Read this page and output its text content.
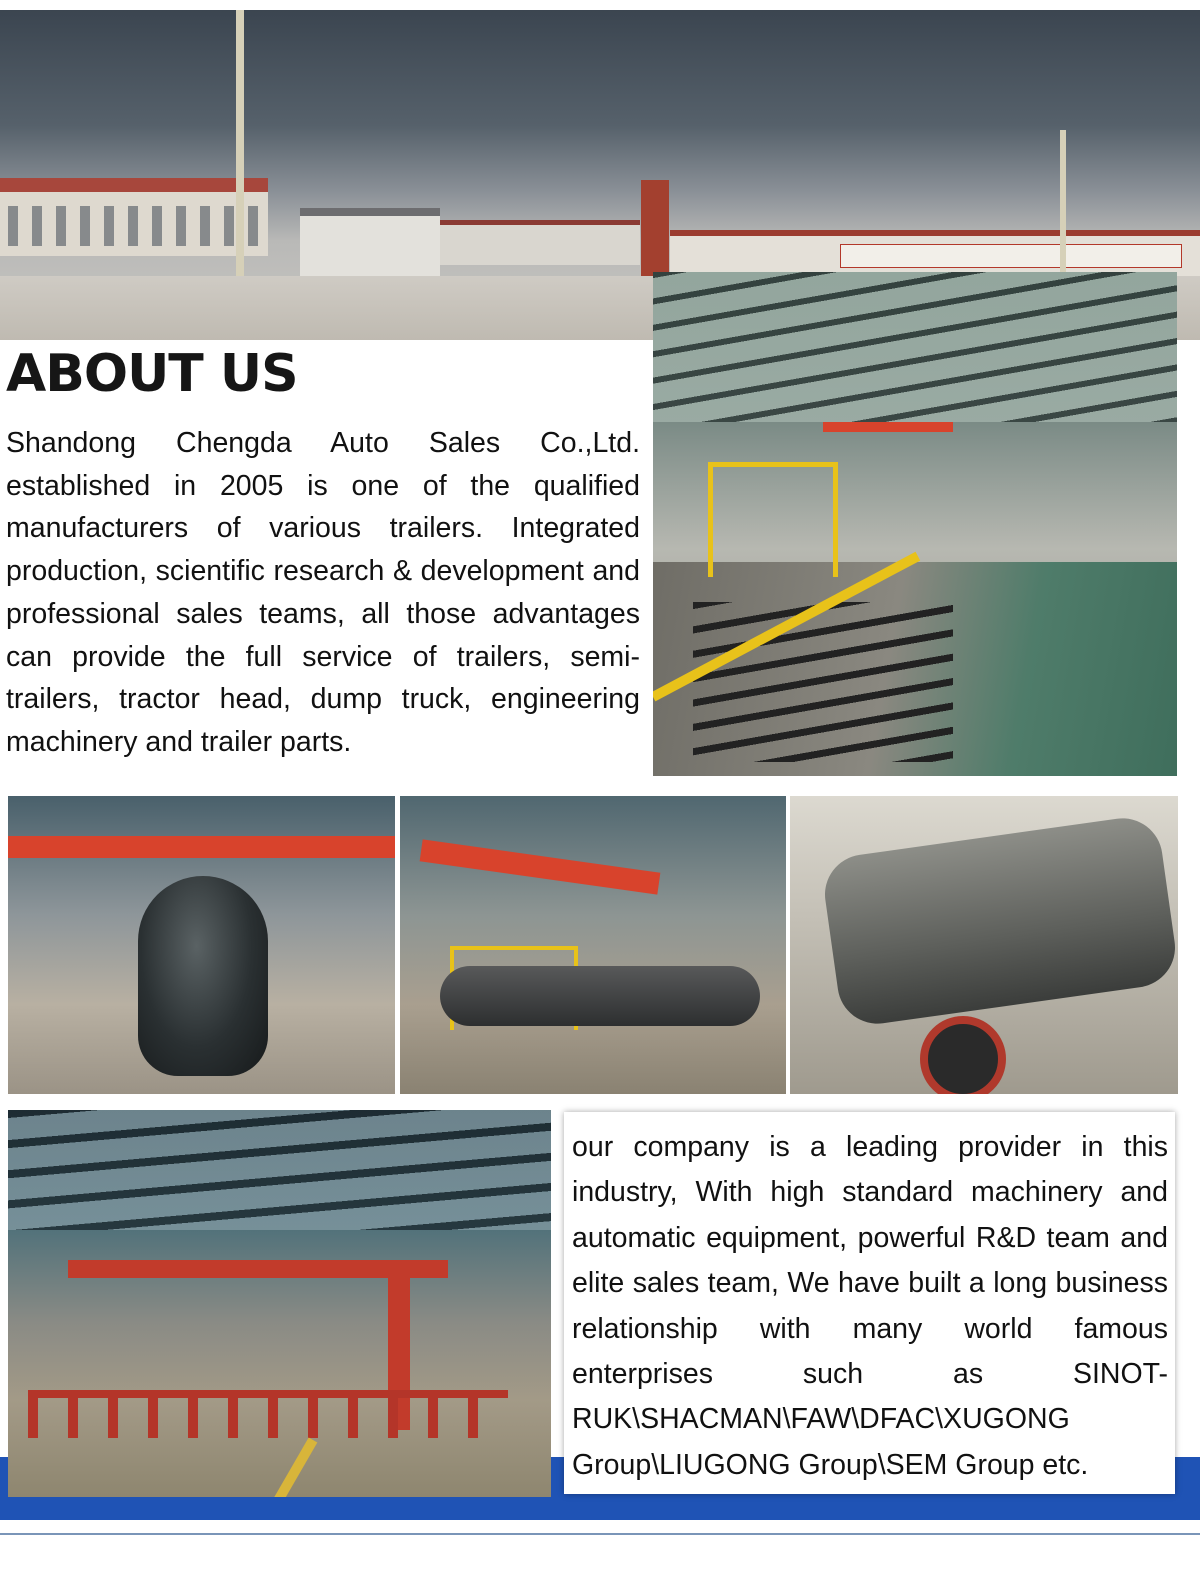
ABOUT US

Shandong Chengda Auto Sales Co.,Ltd. established in 2005 is one of the qualified manufacturers of various trailers. Integrated production, scientific research & development and professional sales teams, all those advantages can provide the full service of trailers, semi-trailers, tractor head, dump truck, engineering machinery and trailer parts.

our company is a leading provider in this industry, With high standard machinery and automatic equipment, powerful R&D team and elite sales team, We have built a long business relationship with many world famous enterprises such as SINOT-RUK\SHACMAN\FAW\DFAC\XUGONG Group\LIUGONG Group\SEM Group etc.
